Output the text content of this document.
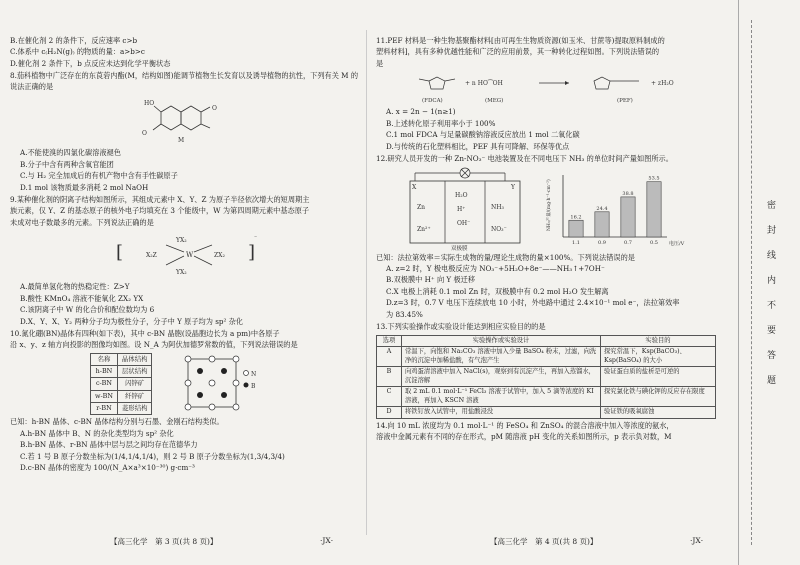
B.在催化剂 2 的条件下，反应速率 c>b
C.体系中 c₍H₂N(g)₎ 的物质的量：a>b>c
D.催化剂 2 条件下，b 点反应未达到化学平衡状态
8.茄科植物中广泛存在的东莨菪内酯(M，结构如图)能调节植物生长发育以及诱导植物的抗性，下列有关 M 的说法正确的是
HO
O
O
M
A.不能使溴的四氯化碳溶液褪色
B.分子中含有两种含氧官能团
C.与 H₂ 完全加成后的有机产物中含有手性碳原子
D.1 mol 该物质最多消耗 2 mol NaOH
9.某种催化剂的阴离子结构如图所示，其组成元素中 X、Y、Z 为原子半径依次增大的短周期主
族元素，仅 Y、Z 的基态原子的核外电子均填充在 3 个能级中，W 为第四周期元素中基态原子
未成对电子数最多的元素。下列说法正确的是
[	]
W
X₂Z	ZX₂
YX₂
YX₂
⁻
A.最简单氢化物的热稳定性：Z>Y
B.酸性 KMnO₄ 溶液不能氧化 ZX₂ YX
C.该阴离子中 W 的化合价和配位数均为 6
D.X、Y、X、Y₂ 两种分子均为极性分子，分子中 Y 原子均为 sp² 杂化
10.氮化硼(BN)晶体有四种(如下表)，其中 c-BN 晶胞(设晶胞边长为 a pm)中各原子
沿 x、y、z 轴方向投影的图像均如图。设 N_A 为阿伏加德罗常数的值，下列说法错误的是
名称	晶体结构
h-BN	层状结构
c-BN	闪锌矿
w-BN	纤锌矿
r-BN	菱形结构
N
B
已知：h-BN 晶体、c-BN 晶体结构分别与石墨、金刚石结构类似。
A.h-BN 晶体中 B、N 的杂化类型均为 sp² 杂化
B.h-BN 晶体、r-BN 晶体中层与层之间均存在范德华力
C.若 1 号 B 原子分数坐标为(1/4,1/4,1/4)，则 2 号 B 原子分数坐标为(1,3/4,3/4)
D.c-BN 晶体的密度为 100/(N_A×a³×10⁻³⁰) g·cm⁻³
【高三化学　第 3 页(共 8 页)】	·JX·
11.PEF 材料是一种生物基聚酯材料[由可再生生物质资源(如玉米、甘蔗等)提取原料制成的
塑料材料]，具有多种优越性能和广泛的应用前景，其一种转化过程如图。下列说法错误的
是
(FDCA)
+ n HO⁀OH
(MEG)	(PEF)
+ zH₂O
A. x = 2n − 1(n≥1)
B.上述转化原子利用率小于 100%
C.1 mol FDCA 与足量碳酸钠溶液反应放出 1 mol 二氧化碳
D.与传统的石化塑料相比，PEF 具有可降解、环保等优点
12.研究人员开发的一种 Zn-NO₃⁻ 电池装置及在不同电压下 NH₃ 的单位时间产量如图所示。
X	Y
Zn
Zn²⁺
H₂O
H⁺
OH⁻
NH₃
NO₃⁻
双极膜
16.2
1.1
24.4
0.9
38.8
0.7
53.5
0.5
NH₃产量/(mg·h⁻¹·cm⁻²)
电压/V
已知：法拉第效率＝实际生成物的量/理论生成物的量×100%。下列说法错误的是
A. z=2 时，Y 极电极反应为 NO₃⁻+5H₂O+8e⁻——NH₃↑+7OH⁻
B.双极膜中 H⁺ 向 Y 极迁移
C.X 电极上消耗 0.1 mol Zn 时，双极膜中有 0.2 mol H₂O 发生解离
D.z=3 时，0.7 V 电压下连续放电 10 小时，外电路中通过 2.4×10⁻¹ mol e⁻，法拉第效率
为 83.45%
13.下列实验操作或实验设计能达到相应实验目的的是
选项	实验操作或实验设计	实验目的
A	常温下，向饱和 Na₂CO₃ 溶液中加入少量 BaSO₄ 粉末，过滤，向洗净的沉淀中加稀盐酸，有气泡产生	探究常温下，Ksp(BaCO₃)、Ksp(BaSO₄) 的大小
B	向鸡蛋清溶液中加入 NaCl(s)，观察到有沉淀产生，再加入蒸馏水，沉淀溶解	验证蛋白质的盐析是可逆的
C	取 2 mL 0.1 mol·L⁻¹ FeCl₃ 溶液于试管中，加入 5 滴等浓度的 KI 溶液，再加入 KSCN 溶液	探究氯化铁与碘化钾的反应存在限度
D	将铁钉放入试管中，用盐酸浸没	验证铁的吸氧腐蚀
14.向 10 mL 浓度均为 0.1 mol·L⁻¹ 的 FeSO₄ 和 ZnSO₄ 的混合溶液中加入等浓度的氨水，
溶液中金属元素有不同的存在形式，pM 随溶液 pH 变化的关系如图所示，p 表示负对数，M
【高三化学　第 4 页(共 8 页)】	·JX·
密封线内不要答题
